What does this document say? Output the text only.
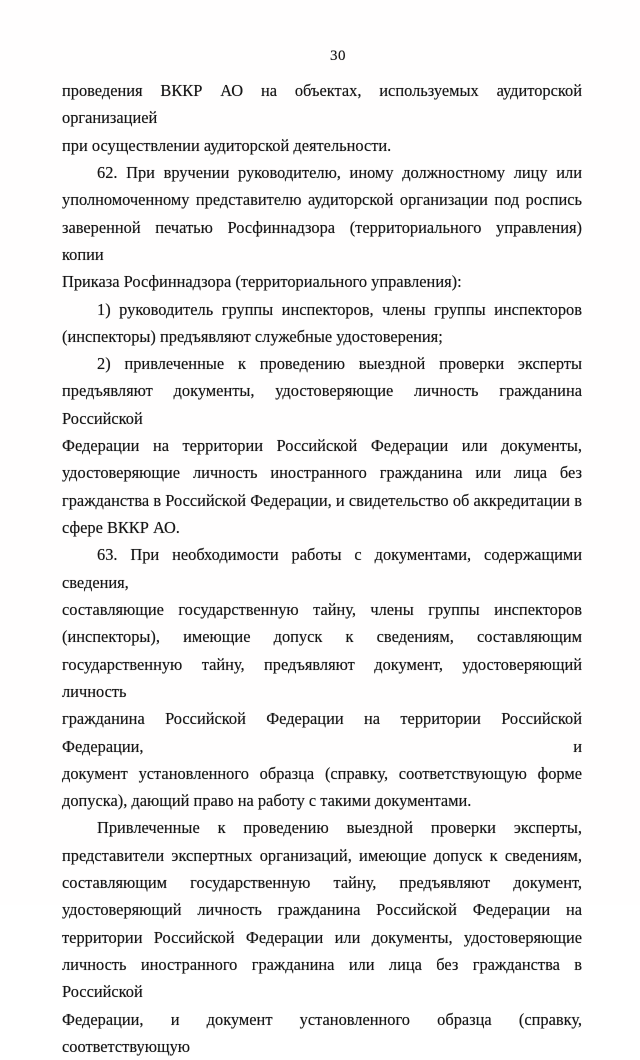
30
проведения ВККР АО на объектах, используемых аудиторской организацией
при осуществлении аудиторской деятельности.
62. При вручении руководителю, иному должностному лицу или
уполномоченному представителю аудиторской организации под роспись
заверенной печатью Росфиннадзора (территориального управления) копии
Приказа Росфиннадзора (территориального управления):
1) руководитель группы инспекторов, члены группы инспекторов
(инспекторы) предъявляют служебные удостоверения;
2) привлеченные к проведению выездной проверки эксперты
предъявляют документы, удостоверяющие личность гражданина Российской
Федерации на территории Российской Федерации или документы,
удостоверяющие личность иностранного гражданина или лица без
гражданства в Российской Федерации, и свидетельство об аккредитации в
сфере ВККР АО.
63. При необходимости работы с документами, содержащими сведения,
составляющие государственную тайну, члены группы инспекторов
(инспекторы), имеющие допуск к сведениям, составляющим
государственную тайну, предъявляют документ, удостоверяющий личность
гражданина Российской Федерации на территории Российской Федерации, и
документ установленного образца (справку, соответствующую форме
допуска), дающий право на работу с такими документами.
Привлеченные к проведению выездной проверки эксперты,
представители экспертных организаций, имеющие допуск к сведениям,
составляющим государственную тайну, предъявляют документ,
удостоверяющий личность гражданина Российской Федерации на
территории Российской Федерации или документы, удостоверяющие
личность иностранного гражданина или лица без гражданства в Российской
Федерации, и документ установленного образца (справку, соответствующую
